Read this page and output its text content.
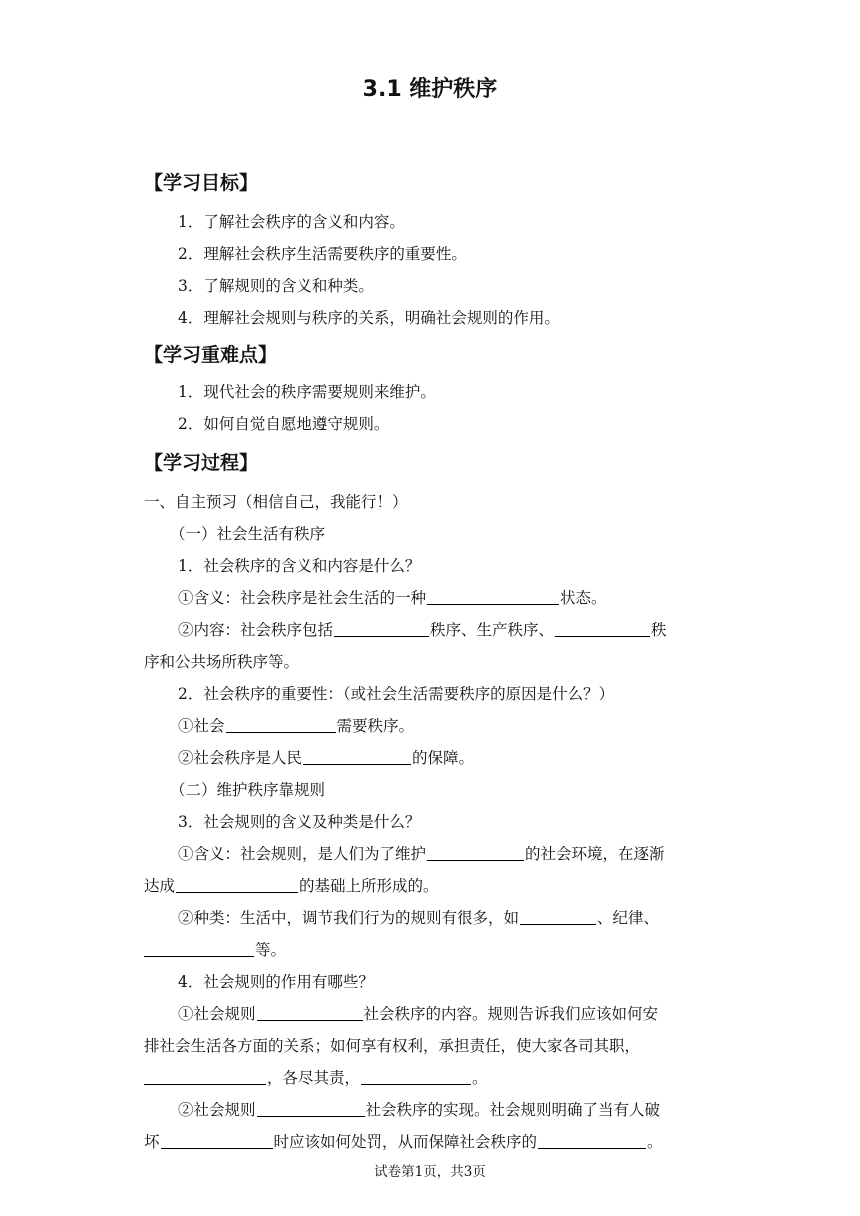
3.1 维护秩序
【学习目标】
1．了解社会秩序的含义和内容。
2．理解社会秩序生活需要秩序的重要性。
3．了解规则的含义和种类。
4．理解社会规则与秩序的关系，明确社会规则的作用。
【学习重难点】
1．现代社会的秩序需要规则来维护。
2．如何自觉自愿地遵守规则。
【学习过程】
一、自主预习（相信自己，我能行！）
（一）社会生活有秩序
1．社会秩序的含义和内容是什么？
①含义：社会秩序是社会生活的一种	状态。
②内容：社会秩序包括	秩序、生产秩序、	秩
序和公共场所秩序等。
2．社会秩序的重要性：（或社会生活需要秩序的原因是什么？）
①社会	需要秩序。
②社会秩序是人民	的保障。
（二）维护秩序靠规则
3．社会规则的含义及种类是什么？
①含义：社会规则，是人们为了维护	的社会环境，在逐渐
达成	的基础上所形成的。
②种类：生活中，调节我们行为的规则有很多，如	、纪律、
等。
4．社会规则的作用有哪些？
①社会规则	社会秩序的内容。规则告诉我们应该如何安
排社会生活各方面的关系；如何享有权利，承担责任，使大家各司其职，
，各尽其责，	。
②社会规则	社会秩序的实现。社会规则明确了当有人破
坏	时应该如何处罚，从而保障社会秩序的	。
试卷第1页，共3页
